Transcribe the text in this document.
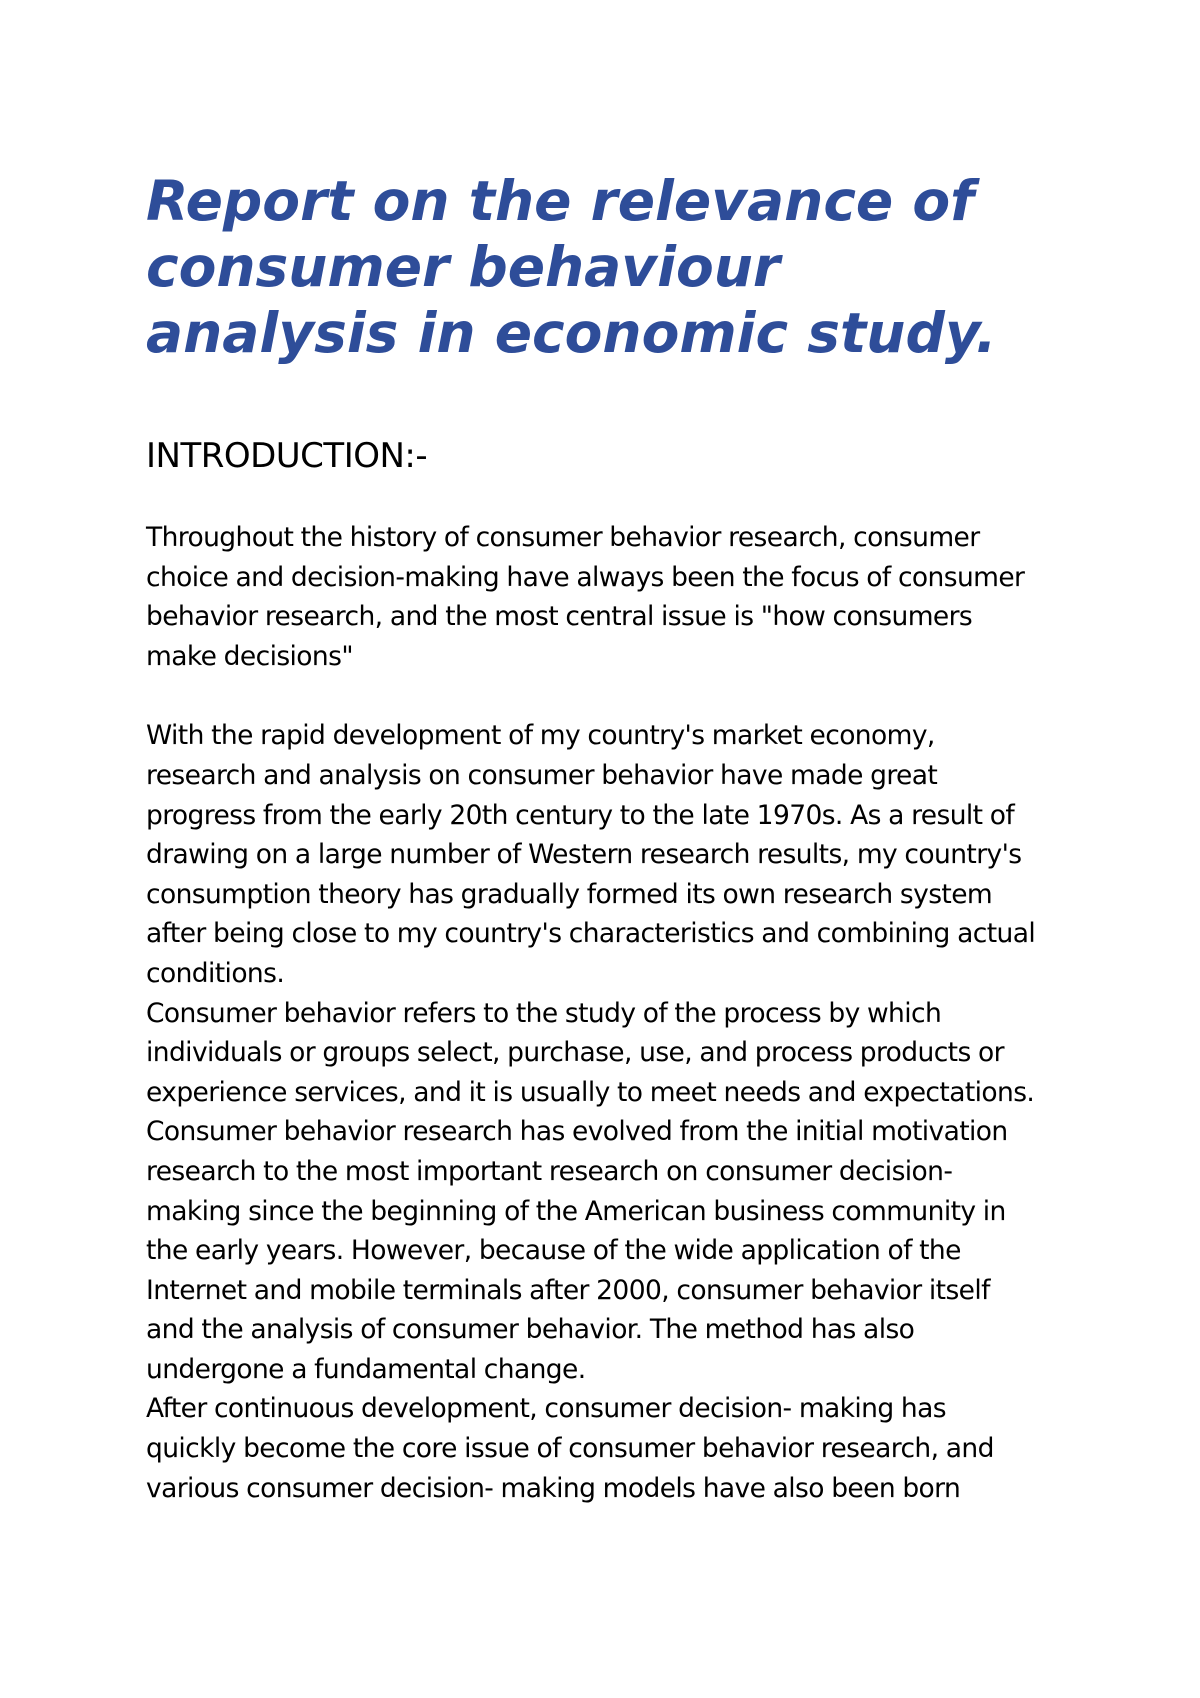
Report on the relevance of
consumer behaviour
analysis in economic study.
INTRODUCTION:-
Throughout the history of consumer behavior research, consumer
choice and decision-making have always been the focus of consumer
behavior research, and the most central issue is "how consumers
make decisions"
With the rapid development of my country's market economy,
research and analysis on consumer behavior have made great
progress from the early 20th century to the late 1970s. As a result of
drawing on a large number of Western research results, my country's
consumption theory has gradually formed its own research system
after being close to my country's characteristics and combining actual
conditions.
Consumer behavior refers to the study of the process by which
individuals or groups select, purchase, use, and process products or
experience services, and it is usually to meet needs and expectations.
Consumer behavior research has evolved from the initial motivation
research to the most important research on consumer decision-
making since the beginning of the American business community in
the early years. However, because of the wide application of the
Internet and mobile terminals after 2000, consumer behavior itself
and the analysis of consumer behavior. The method has also
undergone a fundamental change.
After continuous development, consumer decision- making has
quickly become the core issue of consumer behavior research, and
various consumer decision- making models have also been born
